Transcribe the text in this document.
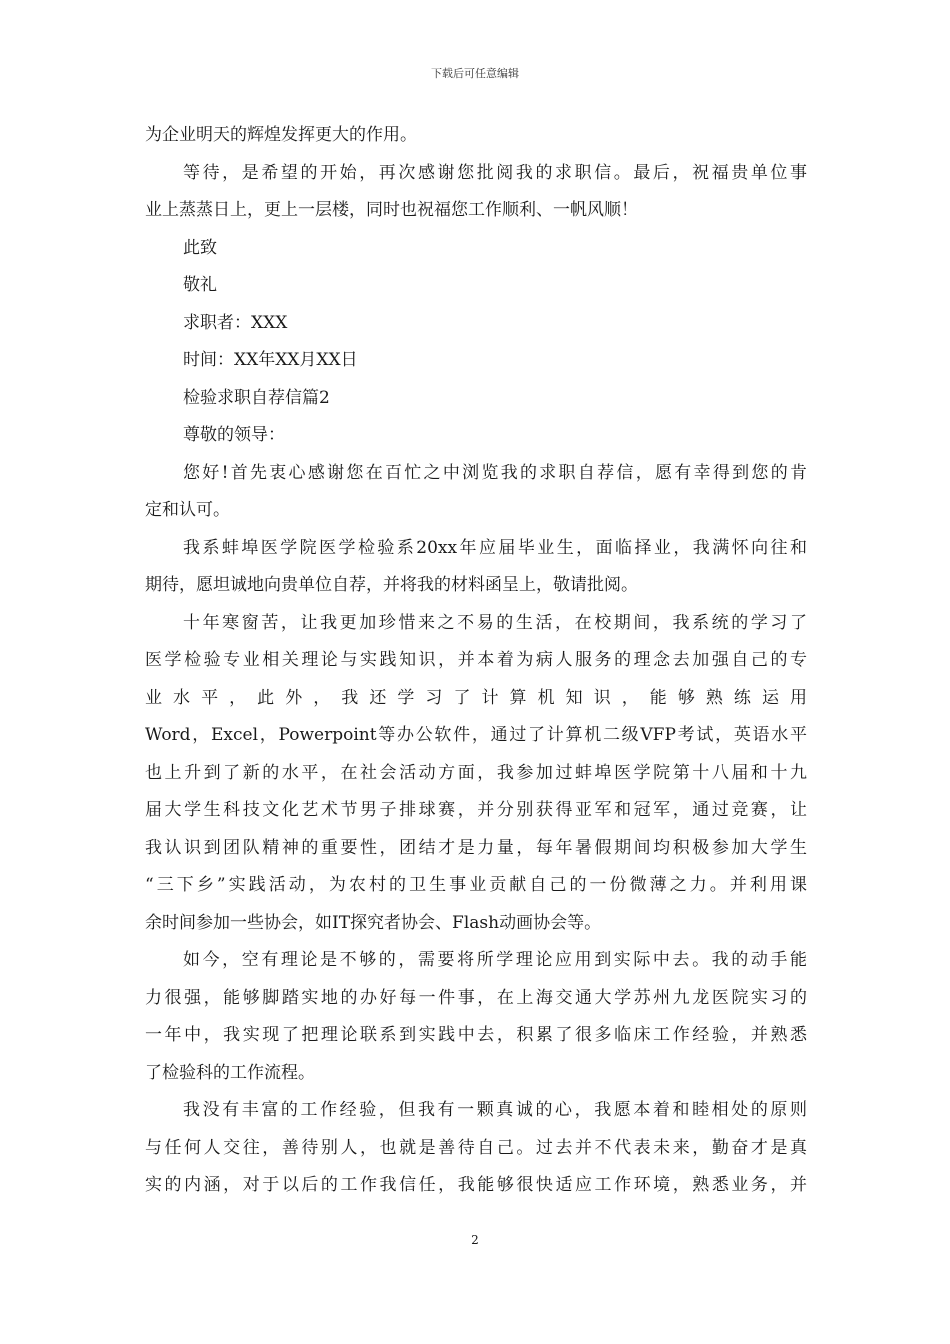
下载后可任意编辑
为企业明天的辉煌发挥更大的作用。
等待，是希望的开始，再次感谢您批阅我的求职信。最后，祝福贵单位事
业上蒸蒸日上，更上一层楼，同时也祝福您工作顺利、一帆风顺！
此致
敬礼
求职者：XXX
时间：XX年XX月XX日
检验求职自荐信篇2
尊敬的领导：
您好!首先衷心感谢您在百忙之中浏览我的求职自荐信，愿有幸得到您的肯
定和认可。
我系蚌埠医学院医学检验系20xx年应届毕业生，面临择业，我满怀向往和
期待，愿坦诚地向贵单位自荐，并将我的材料函呈上，敬请批阅。
十年寒窗苦，让我更加珍惜来之不易的生活，在校期间，我系统的学习了
医学检验专业相关理论与实践知识，并本着为病人服务的理念去加强自己的专
业 水 平 ， 此 外 ， 我 还 学 习 了 计 算 机 知 识 ， 能 够 熟 练 运 用
Word，Excel，Powerpoint等办公软件，通过了计算机二级VFP考试，英语水平
也上升到了新的水平，在社会活动方面，我参加过蚌埠医学院第十八届和十九
届大学生科技文化艺术节男子排球赛，并分别获得亚军和冠军，通过竞赛，让
我认识到团队精神的重要性，团结才是力量，每年暑假期间均积极参加大学生
“三下乡”实践活动，为农村的卫生事业贡献自己的一份微薄之力。并利用课
余时间参加一些协会，如IT探究者协会、Flash动画协会等。
如今，空有理论是不够的，需要将所学理论应用到实际中去。我的动手能
力很强，能够脚踏实地的办好每一件事，在上海交通大学苏州九龙医院实习的
一年中，我实现了把理论联系到实践中去，积累了很多临床工作经验，并熟悉
了检验科的工作流程。
我没有丰富的工作经验，但我有一颗真诚的心，我愿本着和睦相处的原则
与任何人交往，善待别人，也就是善待自己。过去并不代表未来，勤奋才是真
实的内涵，对于以后的工作我信任，我能够很快适应工作环境，熟悉业务，并
2
